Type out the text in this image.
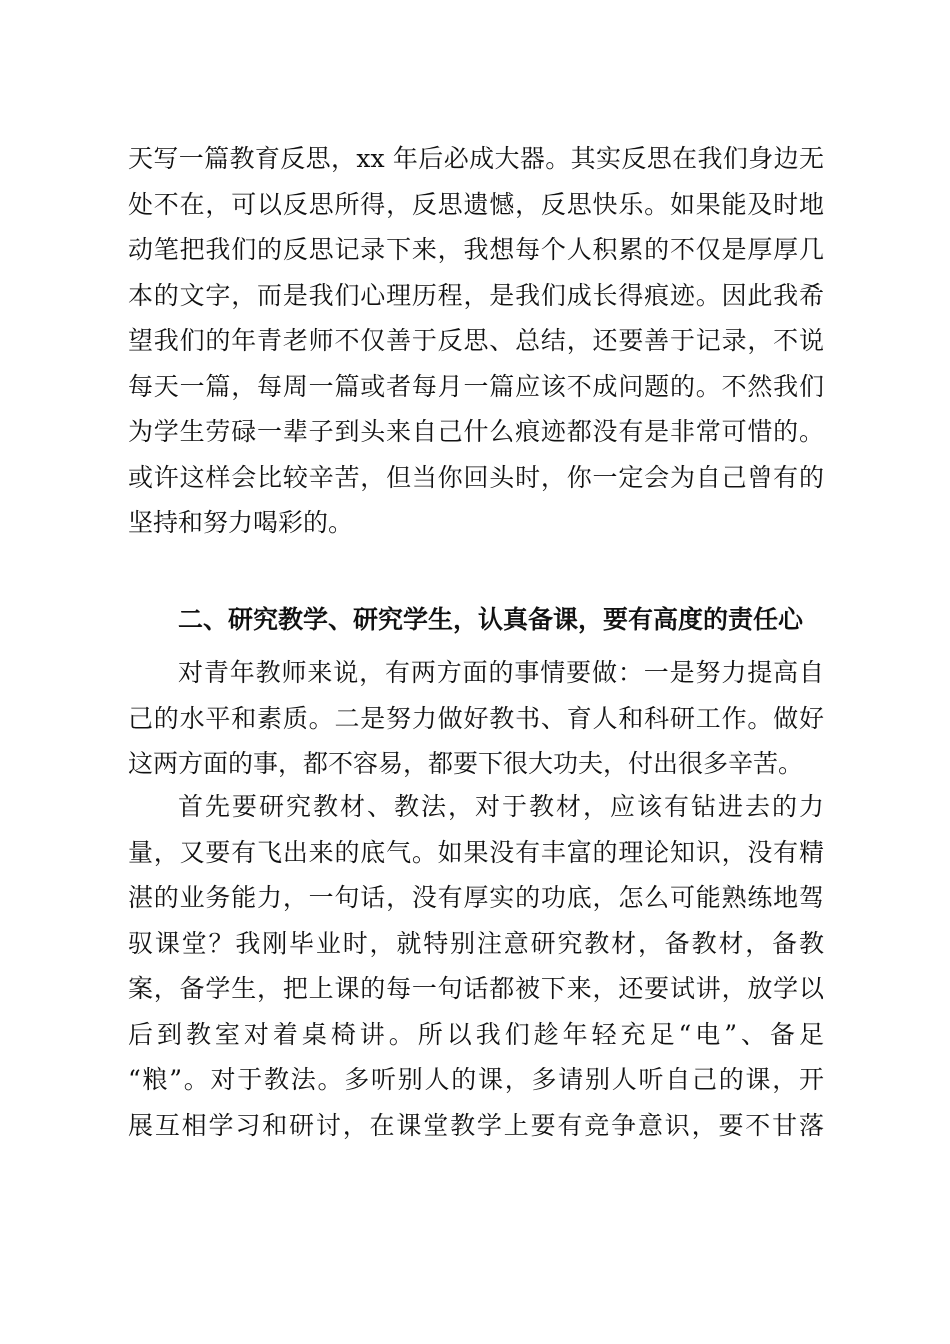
天写一篇教育反思，xx 年后必成大器。其实反思在我们身边无
处不在，可以反思所得，反思遗憾，反思快乐。如果能及时地
动笔把我们的反思记录下来，我想每个人积累的不仅是厚厚几
本的文字，而是我们心理历程，是我们成长得痕迹。因此我希
望我们的年青老师不仅善于反思、总结，还要善于记录，不说
每天一篇，每周一篇或者每月一篇应该不成问题的。不然我们
为学生劳碌一辈子到头来自己什么痕迹都没有是非常可惜的。
或许这样会比较辛苦，但当你回头时，你一定会为自己曾有的
坚持和努力喝彩的。
二、研究教学、研究学生，认真备课，要有高度的责任心
对青年教师来说，有两方面的事情要做：一是努力提高自
己的水平和素质。二是努力做好教书、育人和科研工作。做好
这两方面的事，都不容易，都要下很大功夫，付出很多辛苦。
首先要研究教材、教法，对于教材，应该有钻进去的力
量，又要有飞出来的底气。如果没有丰富的理论知识，没有精
湛的业务能力，一句话，没有厚实的功底，怎么可能熟练地驾
驭课堂？我刚毕业时，就特别注意研究教材，备教材，备教
案，备学生，把上课的每一句话都被下来，还要试讲，放学以
后到教室对着桌椅讲。所以我们趁年轻充足“电”、备足
“粮”。对于教法。多听别人的课，多请别人听自己的课，开
展互相学习和研讨，在课堂教学上要有竞争意识，要不甘落
